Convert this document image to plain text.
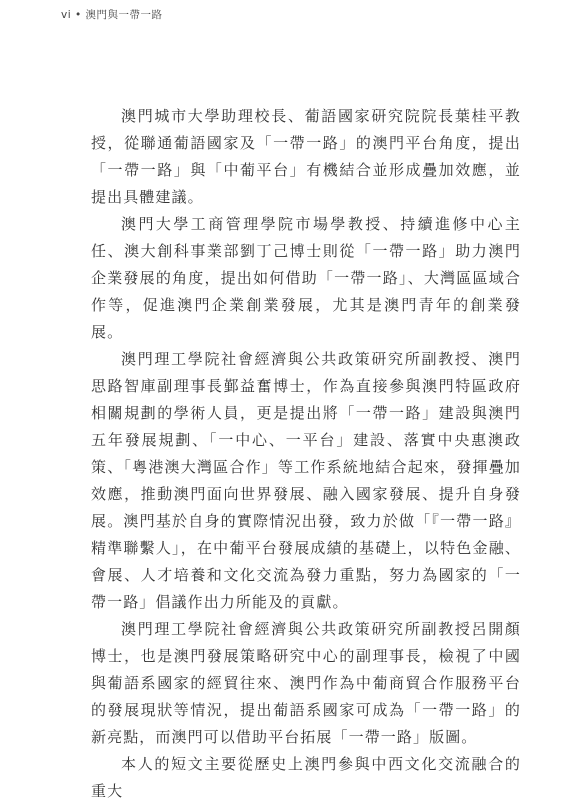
vi • 澳門與一帶一路

澳門城市大學助理校長、葡語國家研究院院長葉桂平教授，從聯通葡語國家及「一帶一路」的澳門平台角度，提出「一帶一路」與「中葡平台」有機結合並形成疊加效應，並提出具體建議。

澳門大學工商管理學院市場學教授、持續進修中心主任、澳大創科事業部劉丁己博士則從「一帶一路」助力澳門企業發展的角度，提出如何借助「一帶一路」、大灣區區域合作等，促進澳門企業創業發展，尤其是澳門青年的創業發展。

澳門理工學院社會經濟與公共政策研究所副教授、澳門思路智庫副理事長鄞益奮博士，作為直接參與澳門特區政府相關規劃的學術人員，更是提出將「一帶一路」建設與澳門五年發展規劃、「一中心、一平台」建設、落實中央惠澳政策、「粵港澳大灣區合作」等工作系統地結合起來，發揮疊加效應，推動澳門面向世界發展、融入國家發展、提升自身發展。澳門基於自身的實際情況出發，致力於做「『一帶一路』精準聯繫人」，在中葡平台發展成績的基礎上，以特色金融、會展、人才培養和文化交流為發力重點，努力為國家的「一帶一路」倡議作出力所能及的貢獻。

澳門理工學院社會經濟與公共政策研究所副教授呂開顏博士，也是澳門發展策略研究中心的副理事長，檢視了中國與葡語系國家的經貿往來、澳門作為中葡商貿合作服務平台的發展現狀等情況，提出葡語系國家可成為「一帶一路」的新亮點，而澳門可以借助平台拓展「一帶一路」版圖。

本人的短文主要從歷史上澳門參與中西文化交流融合的重大
